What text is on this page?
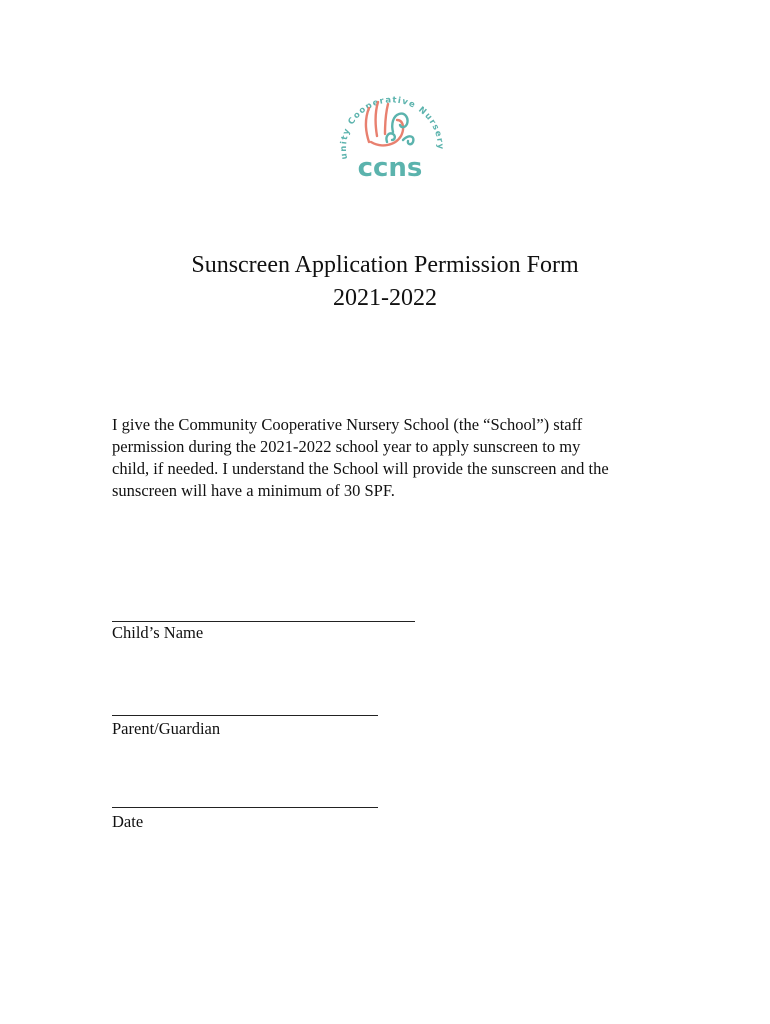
unity Cooperative Nursery
ccns
Sunscreen Application Permission Form
2021-2022
I give the Community Cooperative Nursery School (the “School”) staff
permission during the 2021-2022 school year to apply sunscreen to my
child, if needed. I understand the School will provide the sunscreen and the
sunscreen will have a minimum of 30 SPF.
Child’s Name
Parent/Guardian
Date
